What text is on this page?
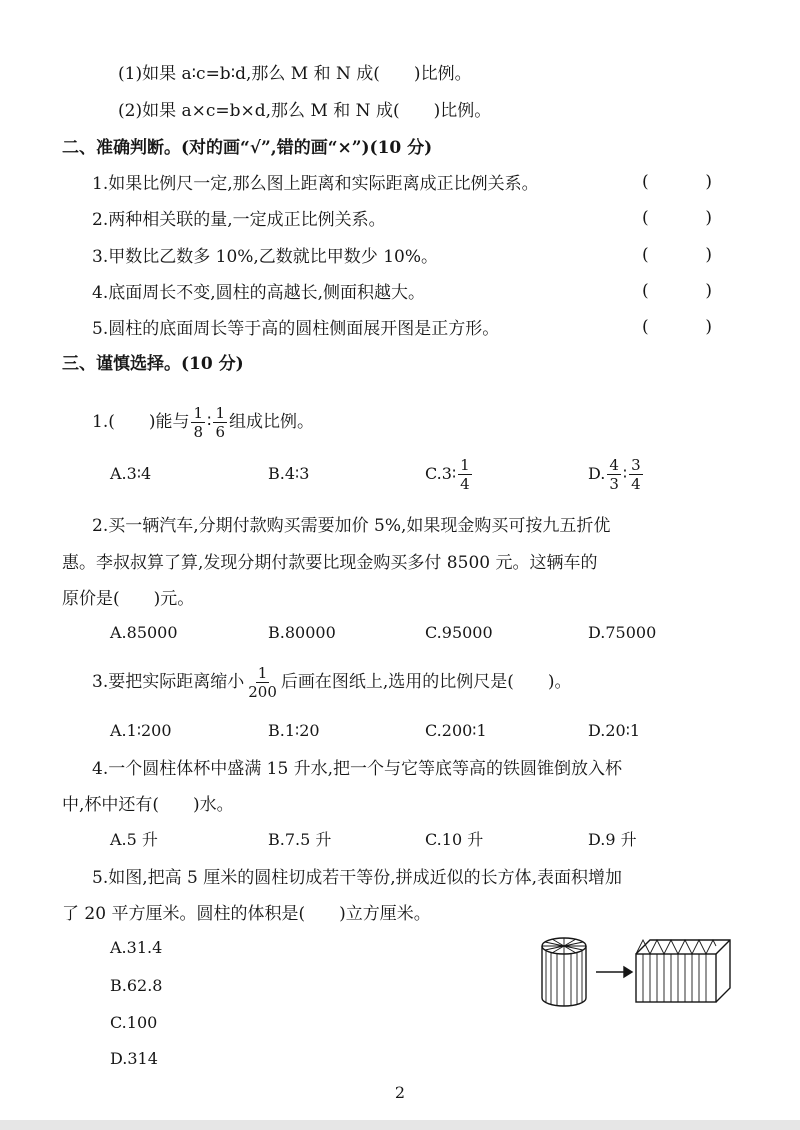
(1)如果 a∶c=b∶d,那么 M 和 N 成(　　)比例。
(2)如果 a×c=b×d,那么 M 和 N 成(　　)比例。
二、准确判断。(对的画“√”,错的画“×”)(10 分)
1.如果比例尺一定,那么图上距离和实际距离成正比例关系。	(	)
2.两种相关联的量,一定成正比例关系。	(	)
3.甲数比乙数多 10%,乙数就比甲数少 10%。	(	)
4.底面周长不变,圆柱的高越长,侧面积越大。	(	)
5.圆柱的底面周长等于高的圆柱侧面展开图是正方形。	(	)
三、谨慎选择。(10 分)
1.(　　)能与 $\frac{1}{8}$ ∶ $\frac{1}{6}$ 组成比例。
A.3∶4	B.4∶3	C.3∶ $\frac{1}{4}$	D. $\frac{4}{3}$ ∶ $\frac{3}{4}$
2.买一辆汽车,分期付款购买需要加价 5%,如果现金购买可按九五折优
惠。李叔叔算了算,发现分期付款要比现金购买多付 8500 元。这辆车的
原价是(　　)元。
A.85000	B.80000	C.95000	D.75000
3.要把实际距离缩小 $\frac{1}{200}$ 后画在图纸上,选用的比例尺是(　　)。
A.1∶200	B.1∶20	C.200∶1	D.20∶1
4.一个圆柱体杯中盛满 15 升水,把一个与它等底等高的铁圆锥倒放入杯
中,杯中还有(　　)水。
A.5 升	B.7.5 升	C.10 升	D.9 升
5.如图,把高 5 厘米的圆柱切成若干等份,拼成近似的长方体,表面积增加
了 20 平方厘米。圆柱的体积是(　　)立方厘米。
A.31.4
B.62.8
C.100
D.314
2
